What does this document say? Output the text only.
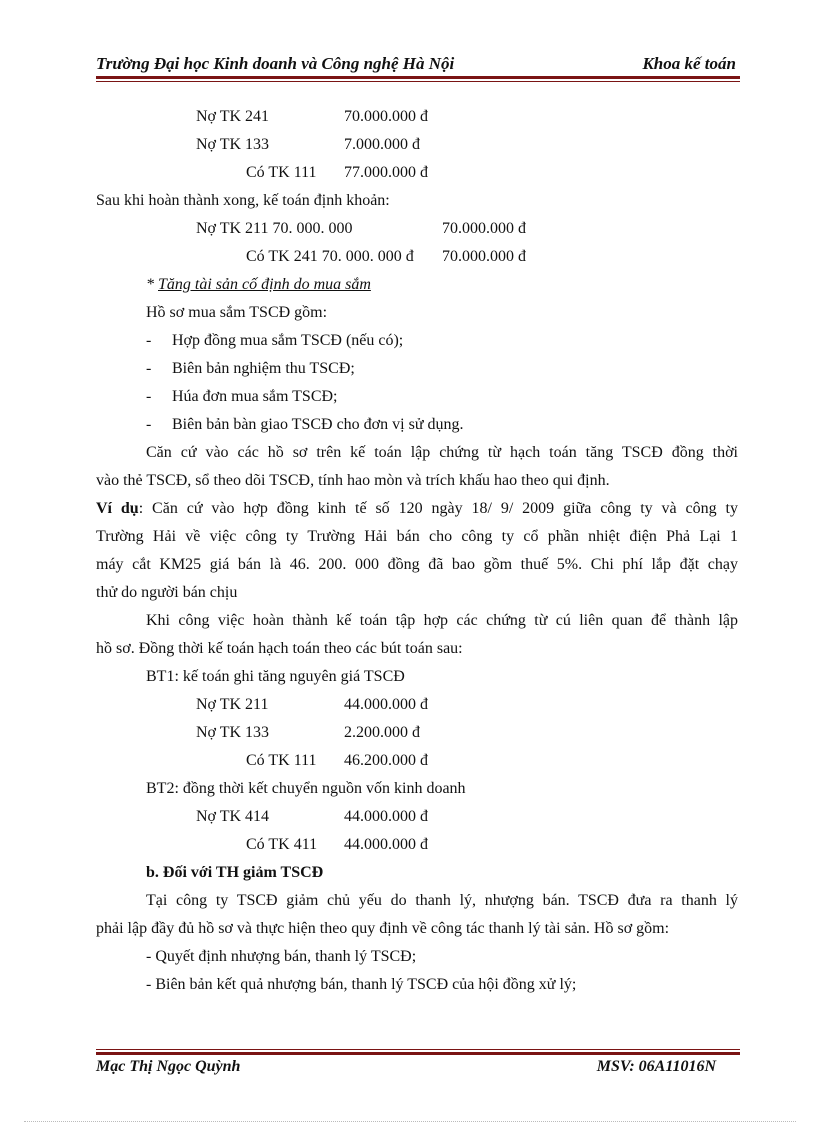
Trường Đại học Kinh doanh và Công nghệ Hà Nội	Khoa kế toán
Nợ TK 241	70.000.000 đ
Nợ TK 133	7.000.000 đ
Có TK 111 77.000.000 đ
Sau khi hoàn thành xong, kế toán định khoản:
Nợ TK 211 70. 000. 000	70.000.000 đ
Có TK 241 70. 000. 000 đ 70.000.000 đ
* Tăng tài sản cố định do mua sắm
Hồ sơ mua sắm TSCĐ gồm:
- Hợp đồng mua sắm TSCĐ (nếu có);
- Biên bản nghiệm thu TSCĐ;
- Húa đơn mua sắm TSCĐ;
- Biên bản bàn giao TSCĐ cho đơn vị sử dụng.
Căn cứ vào các hồ sơ trên kế toán lập chứng từ hạch toán tăng TSCĐ đồng thời
vào thẻ TSCĐ, sổ theo dõi TSCĐ, tính hao mòn và trích khấu hao theo qui định.
Ví dụ: Căn cứ vào hợp đồng kinh tế số 120 ngày 18/ 9/ 2009 giữa công ty và công ty
Trường Hải về việc công ty Trường Hải bán cho công ty cổ phần nhiệt điện Phả Lại 1
máy cắt KM25 giá bán là 46. 200. 000 đồng đã bao gồm thuế 5%. Chi phí lắp đặt chạy
thử do người bán chịu
Khi công việc hoàn thành kế toán tập hợp các chứng từ cú liên quan để thành lập
hồ sơ. Đồng thời kế toán hạch toán theo các bút toán sau:
BT1: kế toán ghi tăng nguyên giá TSCĐ
Nợ TK 211	44.000.000 đ
Nợ TK 133	2.200.000 đ
Có TK 111 46.200.000 đ
BT2: đồng thời kết chuyển nguồn vốn kinh doanh
Nợ TK 414	44.000.000 đ
Có TK 411 44.000.000 đ
b. Đối với TH giảm TSCĐ
Tại công ty TSCĐ giảm chủ yếu do thanh lý, nhượng bán. TSCĐ đưa ra thanh lý
phải lập đầy đủ hồ sơ và thực hiện theo quy định về công tác thanh lý tài sản. Hồ sơ gồm:
- Quyết định nhượng bán, thanh lý TSCĐ;
- Biên bản kết quả nhượng bán, thanh lý TSCĐ của hội đồng xử lý;
Mạc Thị Ngọc Quỳnh	MSV: 06A11016N
